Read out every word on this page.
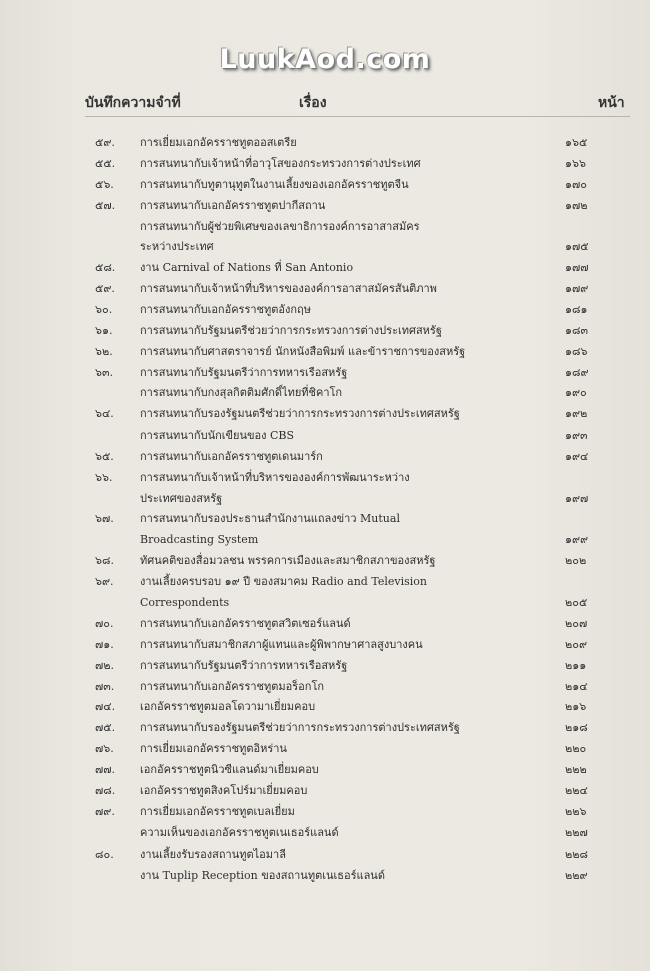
LuukAod.com
บันทึกความจำที่	เรื่อง	หน้า
๕๙.	การเยี่ยมเอกอัครราชทูตออสเตรีย	๑๖๕
๕๕.	การสนทนากับเจ้าหน้าที่อาวุโสของกระทรวงการต่างประเทศ	๑๖๖
๕๖.	การสนทนากับทูตานุทูตในงานเลี้ยงของเอกอัครราชทูตจีน	๑๗๐
๕๗.	การสนทนากับเอกอัครราชทูตปากีสถาน	๑๗๒
การสนทนากับผู้ช่วยพิเศษของเลขาธิการองค์การอาสาสมัคร
ระหว่างประเทศ	๑๗๕
๕๘.	งาน Carnival of Nations ที่ San Antonio	๑๗๗
๕๙.	การสนทนากับเจ้าหน้าที่บริหารขององค์การอาสาสมัครสันติภาพ	๑๗๙
๖๐.	การสนทนากับเอกอัครราชทูตอังกฤษ	๑๘๑
๖๑.	การสนทนากับรัฐมนตรีช่วยว่าการกระทรวงการต่างประเทศสหรัฐ	๑๘๓
๖๒.	การสนทนากับศาสตราจารย์ นักหนังสือพิมพ์ และข้าราชการของสหรัฐ	๑๘๖
๖๓.	การสนทนากับรัฐมนตรีว่าการทหารเรือสหรัฐ	๑๘๙
การสนทนากับกงสุลกิตติมศักดิ์ไทยที่ชิคาโก	๑๙๐
๖๔.	การสนทนากับรองรัฐมนตรีช่วยว่าการกระทรวงการต่างประเทศสหรัฐ	๑๙๒
การสนทนากับนักเขียนของ CBS	๑๙๓
๖๕.	การสนทนากับเอกอัครราชทูตเดนมาร์ก	๑๙๔
๖๖.	การสนทนากับเจ้าหน้าที่บริหารขององค์การพัฒนาระหว่าง
ประเทศของสหรัฐ	๑๙๗
๖๗.	การสนทนากับรองประธานสำนักงานแถลงข่าว Mutual
Broadcasting System	๑๙๙
๖๘.	ทัศนคติของสื่อมวลชน พรรคการเมืองและสมาชิกสภาของสหรัฐ	๒๐๒
๖๙.	งานเลี้ยงครบรอบ ๑๙ ปี ของสมาคม Radio and Television
Correspondents	๒๐๕
๗๐.	การสนทนากับเอกอัครราชทูตสวิตเซอร์แลนด์	๒๐๗
๗๑.	การสนทนากับสมาชิกสภาผู้แทนและผู้พิพากษาศาลสูงบางคน	๒๐๙
๗๒.	การสนทนากับรัฐมนตรีว่าการทหารเรือสหรัฐ	๒๑๑
๗๓.	การสนทนากับเอกอัครราชทูตมอร็อกโก	๒๑๔
๗๔.	เอกอัครราชทูตมอลโดวามาเยี่ยมคอบ	๒๑๖
๗๕.	การสนทนากับรองรัฐมนตรีช่วยว่าการกระทรวงการต่างประเทศสหรัฐ	๒๑๘
๗๖.	การเยี่ยมเอกอัครราชทูตอิหร่าน	๒๒๐
๗๗.	เอกอัครราชทูตนิวซีแลนด์มาเยี่ยมคอบ	๒๒๒
๗๘.	เอกอัครราชทูตสิงคโปร์มาเยี่ยมคอบ	๒๒๔
๗๙.	การเยี่ยมเอกอัครราชทูตเบลเยี่ยม	๒๒๖
ความเห็นของเอกอัครราชทูตเนเธอร์แลนด์	๒๒๗
๘๐.	งานเลี้ยงรับรองสถานทูตไอมาลี	๒๒๘
งาน Tuplip Reception ของสถานทูตเนเธอร์แลนด์	๒๒๙
